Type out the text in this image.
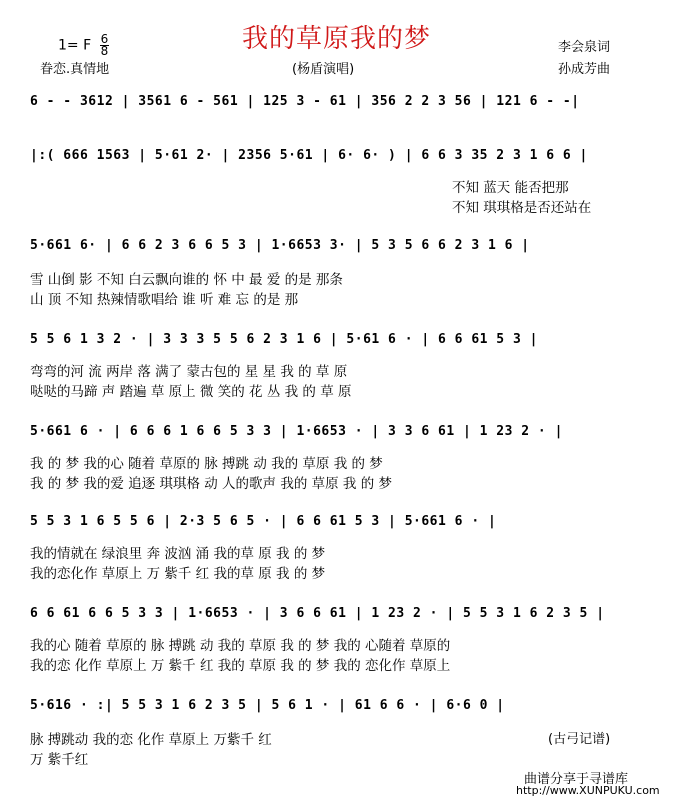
我的草原我的梦
1= F $\frac{6}{8}$
眷恋.真情地	(杨盾演唱)
李会泉词
孙成芳曲
6 - - 3612 | 3561 6 - 561 | 125 3 - 61 | 356 2 2 3 56 | 121 6 - -|
|:( 666 1563 | 5·61 2· | 2356 5·61 | 6· 6· ) | 6 6 3 35 2 3 1 6 6 |
不知 蓝天 能否把那
不知 琪琪格是否还站在
5·661 6· | 6 6 2 3 6 6 5 3 | 1·6653 3· | 5 3 5 6 6 2 3 1 6 |
雪 山倒 影 不知 白云飘向谁的 怀 中 最 爱 的是 那条
山 顶 不知 热辣情歌唱给 谁 听 难 忘 的是 那
5 5 6 1 3 2 · | 3 3 3 5 5 6 2 3 1 6 | 5·61 6 · | 6 6 61 5 3 |
弯弯的河 流 两岸 落 满了 蒙古包的 星 星 我 的 草 原
哒哒的马蹄 声 踏遍 草 原上 微 笑的 花 丛 我 的 草 原
5·661 6 · | 6 6 6 1 6 6 5 3 3 | 1·6653 · | 3 3 6 61 | 1 23 2 · |
我 的 梦 我的心 随着 草原的 脉 搏跳 动 我的 草原 我 的 梦
我 的 梦 我的爱 追逐 琪琪格 动 人的歌声 我的 草原 我 的 梦
5 5 3 1 6 5 5 6 | 2·3 5 6 5 · | 6 6 61 5 3 | 5·661 6 · |
我的情就在 绿浪里 奔 波汹 涌 我的草 原 我 的 梦
我的恋化作 草原上 万 紫千 红 我的草 原 我 的 梦
6 6 61 6 6 5 3 3 | 1·6653 · | 3 6 6 61 | 1 23 2 · | 5 5 3 1 6 2 3 5 |
我的心 随着 草原的 脉 搏跳 动 我的 草原 我 的 梦 我的 心随着 草原的
我的恋 化作 草原上 万 紫千 红 我的 草原 我 的 梦 我的 恋化作 草原上
5·616 · :| 5 5 3 1 6 2 3 5 | 5 6 1 · | 61 6 6 · | 6·6 0 |
脉 搏跳动 我的恋 化作 草原上 万紫千 红
万 紫千红
(古弓记谱)
曲谱分享于寻谱库
http://www.XUNPUKU.com
